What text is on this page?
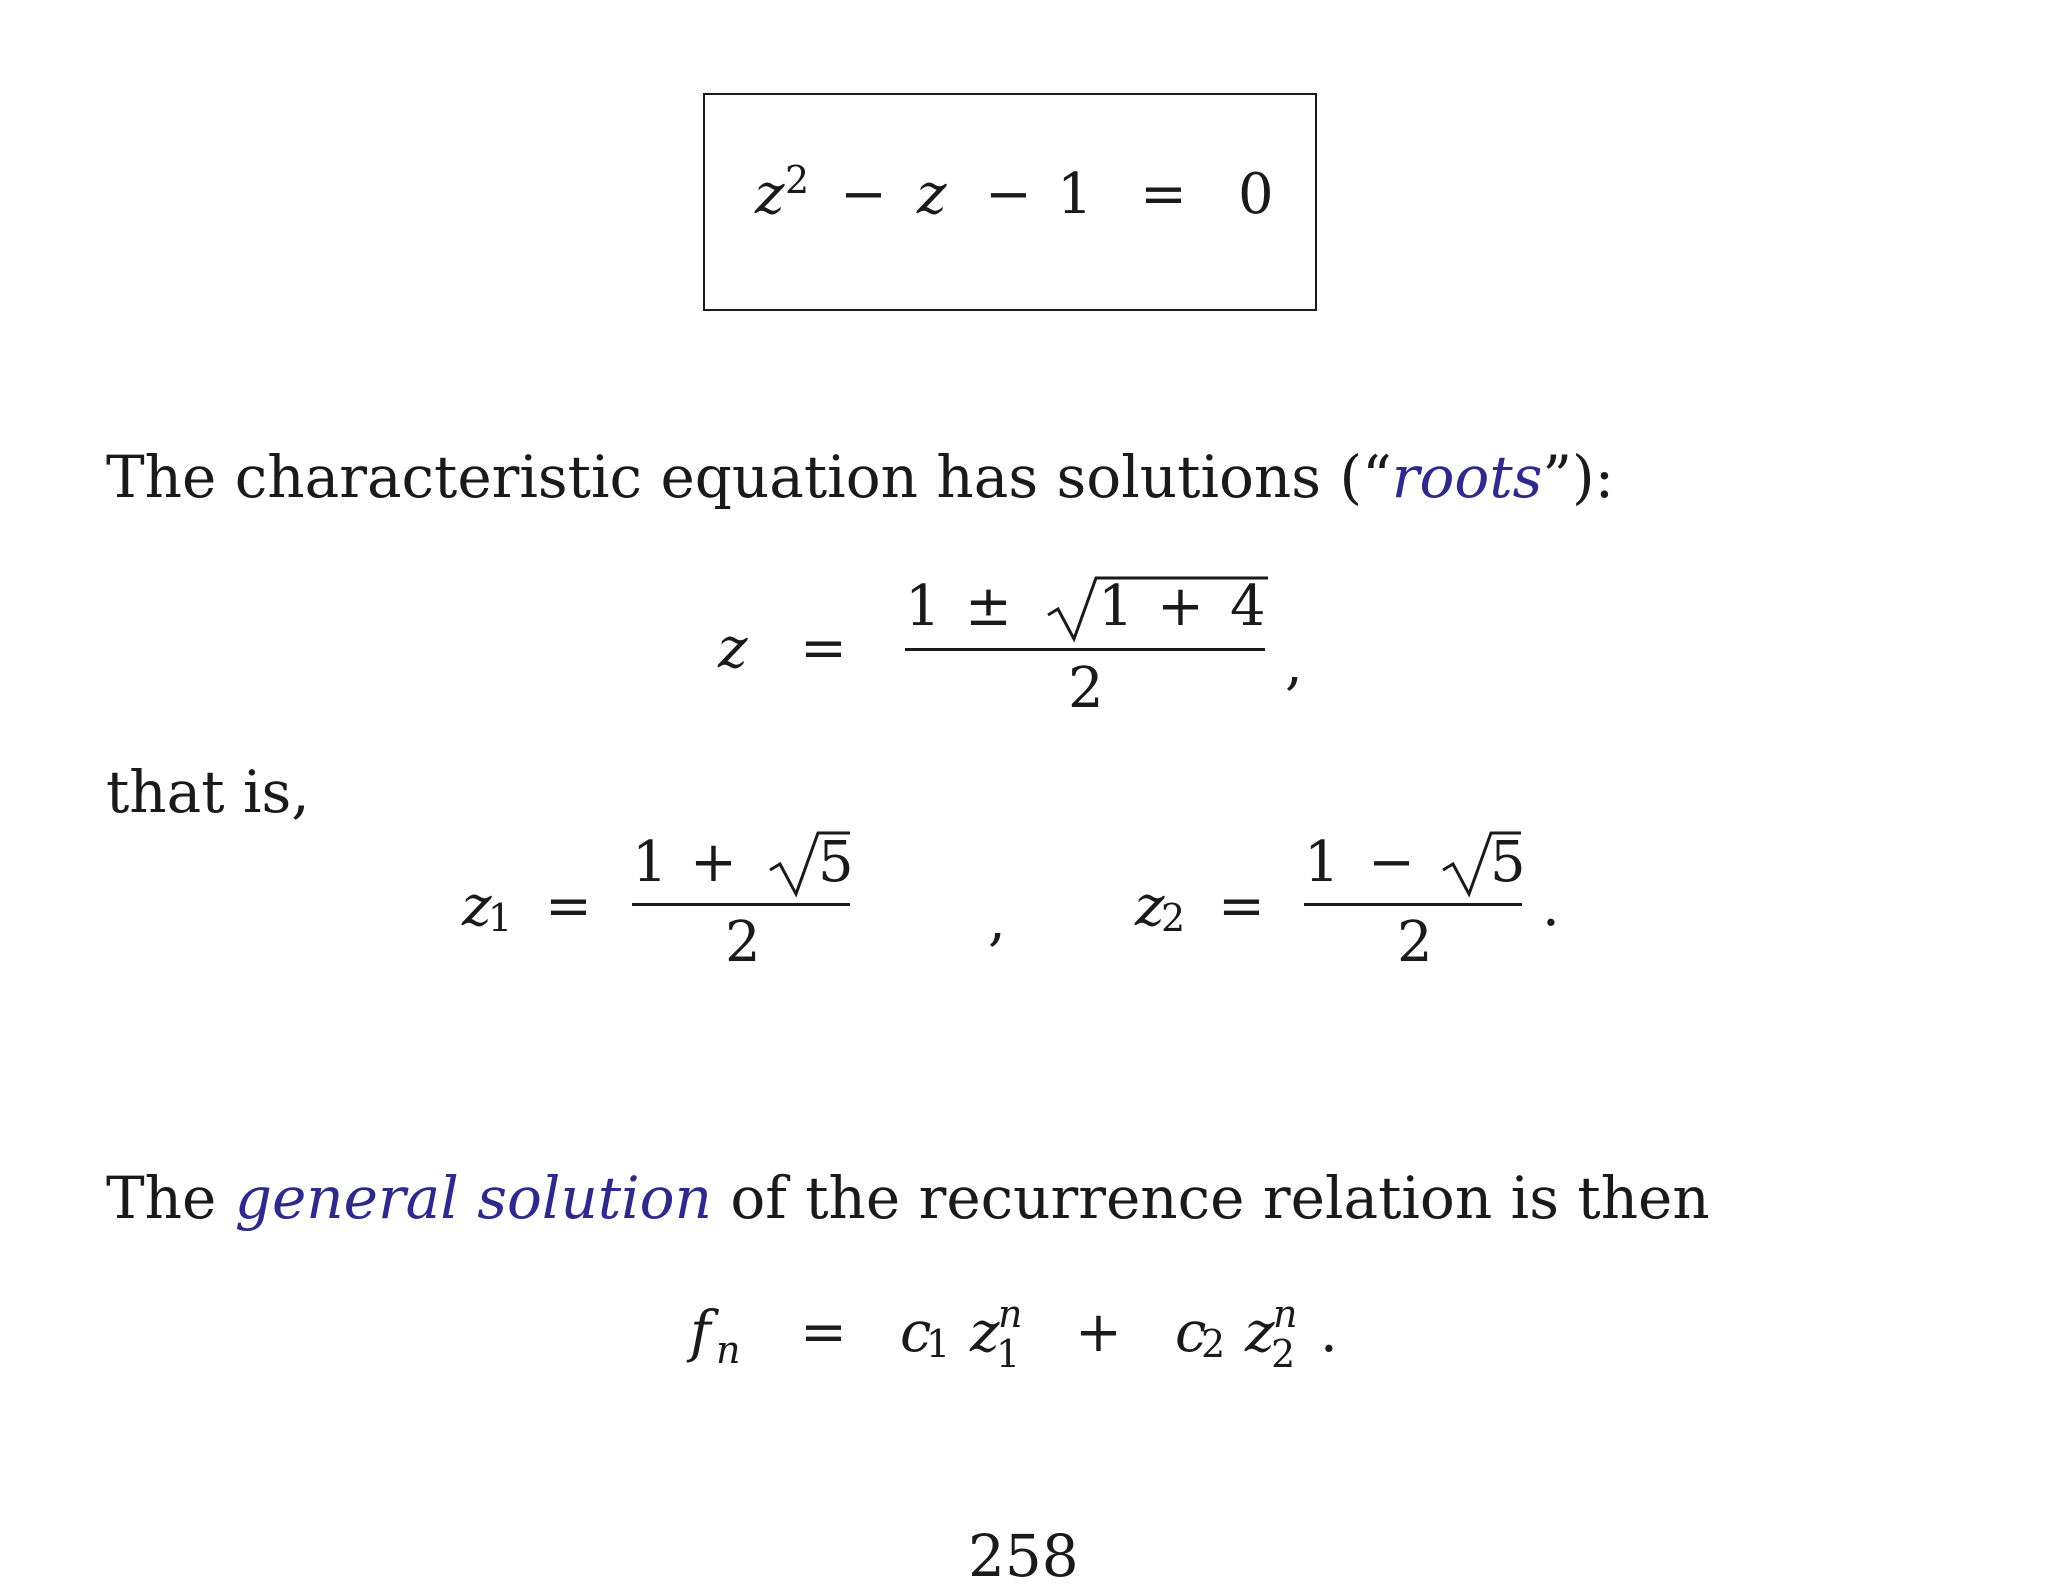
z 2 − z − 1 = 0
The characteristic equation has solutions (“roots”):
z =
1 ± 1 + 4
2	,
that is,
z
1 =
1 + 5
2	, z
2 =
1 − 5
2
.
The general solution of the recurrence relation is then
f n = c
1 z
n
1 + c
2 z
n
2 .
258
